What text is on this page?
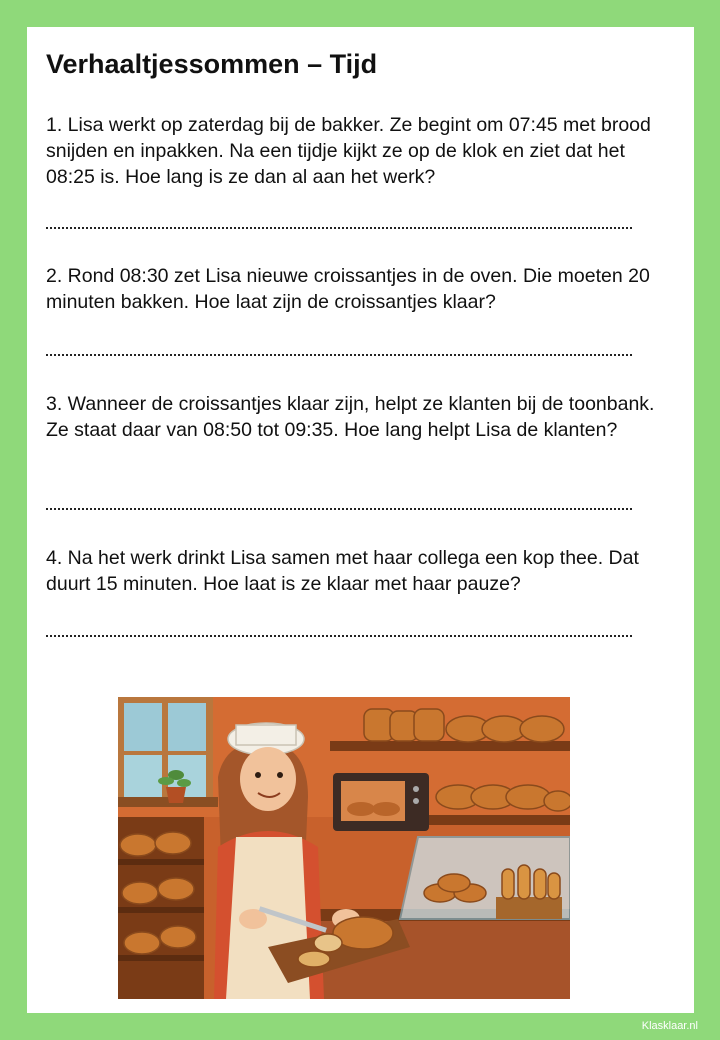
Verhaaltjessommen – Tijd

1. Lisa werkt op zaterdag bij de bakker. Ze begint om 07:45 met brood snijden en inpakken. Na een tijdje kijkt ze op de klok en ziet dat het 08:25 is. Hoe lang is ze dan al aan het werk?

2. Rond 08:30 zet Lisa nieuwe croissantjes in de oven. Die moeten 20 minuten bakken. Hoe laat zijn de croissantjes klaar?

3. Wanneer de croissantjes klaar zijn, helpt ze klanten bij de toonbank. Ze staat daar van 08:50 tot 09:35. Hoe lang helpt Lisa de klanten?

4. Na het werk drinkt Lisa samen met haar collega een kop thee. Dat duurt 15 minuten. Hoe laat is ze klaar met haar pauze?

Klasklaar.nl
